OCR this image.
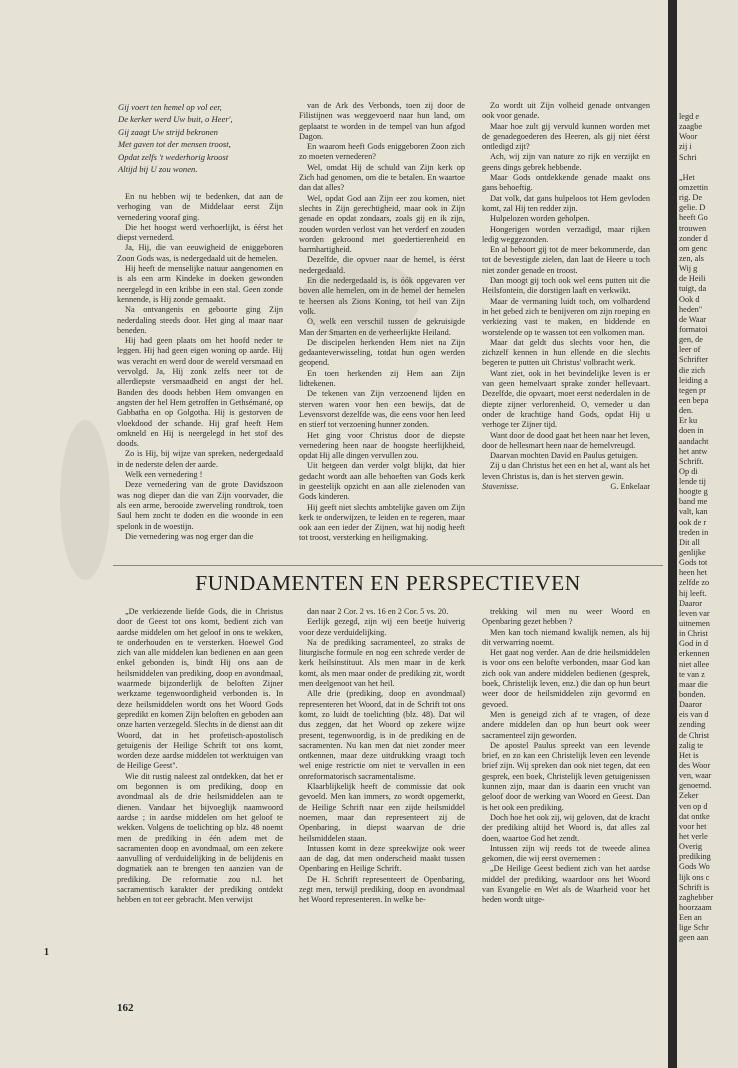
Gij voert ten hemel op vol eer,
De kerker werd Uw buit, o Heer',
Gij zaagt Uw strijd bekronen
Met gaven tot der mensen troost,
Opdat zelfs 't wederhorig kroost
Altijd bij U zou wonen.

En nu hebben wij te bedenken, dat aan de verhoging van de Middelaar eerst Zijn vernedering vooraf ging.

Die het hoogst werd verhoerlijkt, is éérst het diepst vernederd.

Ja, Hij, die van eeuwigheid de eniggeboren Zoon Gods was, is nedergedaald uit de hemelen.

Hij heeft de menselijke natuur aangenomen en is als een arm Kindeke in doeken gewonden neergelegd in een kribbe in een stal. Geen zonde kennende, is Hij zonde gemaakt.

Na ontvangenis en geboorte ging Zijn nederdaling steeds door. Het ging al maar naar beneden.

Hij had geen plaats om het hoofd neder te leggen. Hij had geen eigen woning op aarde. Hij was veracht en werd door de wereld versmaad en vervolgd. Ja, Hij zonk zelfs neer tot de allerdiepste versmaadheid en angst der hel. Banden des doods hebben Hem omvangen en angsten der hel Hem getroffen in Gethsémané, op Gabbatha en op Golgotha. Hij is gestorven de vloekdood der schande. Hij graf heeft Hem omkneld en Hij is neergelegd in het stof des doods.

Zo is Hij, bij wijze van spreken, nedergedaald in de nederste delen der aarde.

Welk een vernedering !

Deze vernedering van de grote Davidszoon was nog dieper dan die van Zijn voorvader, die als een arme, berooide zwerveling rondtrok, toen Saul hem zocht te doden en die woonde in een spelonk in de woestijn.

Die vernedering was nog erger dan die

van de Ark des Verbonds, toen zij door de Filistijnen was weggevoerd naar hun land, om geplaatst te worden in de tempel van hun afgod Dagon.

En waarom heeft Gods eniggeboren Zoon zich zo moeten vernederen?

Wel, omdat Hij de schuld van Zijn kerk op Zich had genomen, om die te betalen. En waartoe dan dat alles?

Wel, opdat God aan Zijn eer zou komen, niet slechts in Zijn gerechtigheid, maar ook in Zijn genade en opdat zondaars, zoals gij en ik zijn, zouden worden verlost van het verderf en zouden worden gekroond met goedertierenheid en barmhartigheid.

Dezelfde, die opvoer naar de hemel, is éérst nedergedaald.

En die nedergedaald is, is óók opgevaren ver boven alle hemelen, om in de hemel der hemelen te heersen als Zions Koning, tot heil van Zijn volk.

O, welk een verschil tussen de gekruisigde Man der Smarten en de verheerlijkte Heiland.

De discipelen herkenden Hem niet na Zijn gedaanteverwisseling, totdat hun ogen werden geopend.

En toen herkenden zij Hem aan Zijn lidtekenen.

De tekenen van Zijn verzoenend lijden en sterven waren voor hen een bewijs, dat de Levensvorst dezelfde was, die eens voor hen leed en stierf tot verzoening hunner zonden.

Het ging voor Christus door de diepste vernedering heen naar de hoogste heerlijkheid, opdat Hij alle dingen vervullen zou.

Uit hetgeen dan verder volgt blijkt, dat hier gedacht wordt aan alle behoeften van Gods kerk in geestelijk opzicht en aan alle zielenoden van Gods kinderen.

Hij geeft niet slechts ambtelijke gaven om Zijn kerk te onderwijzen, te leiden en te regeren, maar ook aan een ieder der Zijnen, wat hij nodig heeft tot troost, versterking en heiligmaking.

Zo wordt uit Zijn volheid genade ontvangen ook voor genade.

Maar hoe zult gij vervuld kunnen worden met de genadegoederen des Heeren, als gij niet éérst ontledigd zijt?

Ach, wij zijn van nature zo rijk en verzijkt en geens dings gebrek hebbende.

Maar Gods ontdekkende genade maakt ons gans behoeftig.

Dat volk, dat gans hulpeloos tot Hem gevloden komt, zal Hij ten redder zijn.

Hulpelozen worden geholpen.

Hongerigen worden verzadigd, maar rijken ledig weggezonden.

En al behoort gij tot de meer bekommerde, dan tot de bevestigde zielen, dan laat de Heere u toch niet zonder genade en troost.

Dan moogt gij toch ook wel eens putten uit die Heilsfontein, die dorstigen laaft en verkwikt.

Maar de vermaning luidt toch, om volhardend in het gebed zich te benijveren om zijn roeping en verkiezing vast te maken, en biddende en worstelende op te wassen tot een volkomen man.

Maar dat geldt dus slechts voor hen, die zichzelf kennen in hun ellende en die slechts begeren te putten uit Christus' volbracht werk.

Want ziet, ook in het bevindelijke leven is er van geen hemelvaart sprake zonder hellevaart. Dezelfde, die opvaart, moet eerst nederdalen in de diepte zijner verlorenheid. O, verneder u dan onder de krachtige hand Gods, opdat Hij u verhoge ter Zijner tijd.

Want door de dood gaat het heen naar het leven, door de hellesmart heen naar de hemelvreugd.

Daarvan mochten David en Paulus getuigen.

Zij u dan Christus het een en het al, want als het leven Christus is, dan is het sterven gewin.

Stavenisse.	G. Enkelaar
FUNDAMENTEN EN PERSPECTIEVEN

„De verkiezende liefde Gods, die in Christus door de Geest tot ons komt, bedient zich van aardse middelen om het geloof in ons te wekken, te onderhouden en te versterken. Hoewel God zich van alle middelen kan bedienen en aan geen enkel gebonden is, bindt Hij ons aan de heilsmiddelen van prediking, doop en avondmaal, waarmede bijzonderlijk de beloften Zijner werkzame tegenwoordigheid verbonden is. In deze heilsmiddelen wordt ons het Woord Gods gepredikt en komen Zijn beloften en geboden aan onze harten verzegeld. Slechts in de dienst aan dit Woord, dat in het profetisch-apostolisch getuigenis der Heilige Schrift tot ons komt, worden deze aardse middelen tot werktuigen van de Heilige Geest".

Wie dit rustig naleest zal ontdekken, dat het er om begonnen is om prediking, doop en avondmaal als de drie heilsmiddelen aan te dienen. Vandaar het bijvoeglijk naamwoord aardse ; in aardse middelen om het geloof te wekken. Volgens de toelichting op blz. 48 noemt men de prediking in één adem met de sacramenten doop en avondmaal, om een zekere aanvulling of verduidelijking in de belijdenis en dogmatiek aan te brengen ten aanzien van de prediking. De reformatie zou n.l. het sacramentisch karakter der prediking ontdekt hebben en tot eer gebracht. Men verwijst

dan naar 2 Cor. 2 vs. 16 en 2 Cor. 5 vs. 20.

Eerlijk gezegd, zijn wij een beetje huiverig voor deze verduidelijking.

Na de prediking sacramenteel, zo straks de liturgische formule en nog een schrede verder de kerk heilsinstituut. Als men maar in de kerk komt, als men maar onder de prediking zit, wordt men deelgenoot van het heil.

Alle drie (prediking, doop en avondmaal) representeren het Woord, dat in de Schrift tot ons komt, zo luidt de toelichting (blz. 48). Dat wil dus zeggen, dat het Woord op zekere wijze present, tegenwoordig, is in de prediking en de sacramenten. Nu kan men dat niet zonder meer ontkennen, maar deze uitdrukking vraagt toch wel enige restrictie om niet te vervallen in een onreformatorisch sacramentalisme.

Klaarblijkelijk heeft de commissie dat ook gevoeld. Men kan immers, zo wordt opgemerkt, de Heilige Schrift naar een zijde heilsmiddel noemen, maar dan representeert zij de Openbaring, in diepst waarvan de drie heilsmiddelen staan.

Intussen komt in deze spreekwijze ook weer aan de dag, dat men onderscheid maakt tussen Openbaring en Heilige Schrift.

De H. Schrift representeert de Openbaring, zegt men, terwijl prediking, doop en avondmaal het Woord representeren. In welke be-

trekking wil men nu weer Woord en Openbaring gezet hebben ?

Men kan toch niemand kwalijk nemen, als hij dit verwarring noemt.

Het gaat nog verder. Aan de drie heilsmiddelen is voor ons een belofte verbonden, maar God kan zich ook van andere middelen bedienen (gesprek, boek, Christelijk leven, enz.) die dan op hun beurt weer door de heilsmiddelen zijn gevormd en gevoed.

Men is geneigd zich af te vragen, of deze andere middelen dan op hun beurt ook weer sacramenteel zijn geworden.

De apostel Paulus spreekt van een levende brief, en zo kan een Christelijk leven een levende brief zijn. Wij spreken dan ook niet tegen, dat een gesprek, een boek, Christelijk leven getuigenissen kunnen zijn, maar dan is daarin een vrucht van geloof door de werking van Woord en Geest. Dan is het ook een prediking.

Doch hoe het ook zij, wij geloven, dat de kracht der prediking altijd het Woord is, dat alles zal doen, waartoe God het zendt.

Intussen zijn wij reeds tot de tweede alinea gekomen, die wij eerst overnemen :

„De Heilige Geest bedient zich van het aardse middel der prediking, waardoor ons het Woord van Evangelie en Wet als de Waarheid voor het heden wordt uitge-

162
1
legd e
zaagbe
Woor
zij i
Schri
„Het
omzettin
rig. De
gelie. D
heeft Go
trouwen
zonder d
om genc
zen, als
Wij g
de Heili
tuigt, da
Ook d
heden"
de Waar
formatoi
gen, de
leer of
Schrifter
die zich
leiding a
tegen pr
een bepa
den.
Er ku
doen in
aandacht
het antw
Schrift.
Op di
lende tij
hoogte g
band me
valt, kan
ook de r
treden in
Dit all
genlijke
Gods tot
heen het
zelfde zo
hij leeft.
Daaror
leven var
uitnemen
in Christ
God in d
erkennen
niet allee
te van z
maar die
bonden.
Daaror
eis van d
zending
de Christ
zalig te
Het is
des Woor
ven, waar
genoemd.
Zeker
ven op d
dat ontke
voor het
het verle
Overig
prediking
Gods Wo
lijk ons c
Schrift is
zaghebber
hoorzaam
Een an
lige Schr
geen aan
